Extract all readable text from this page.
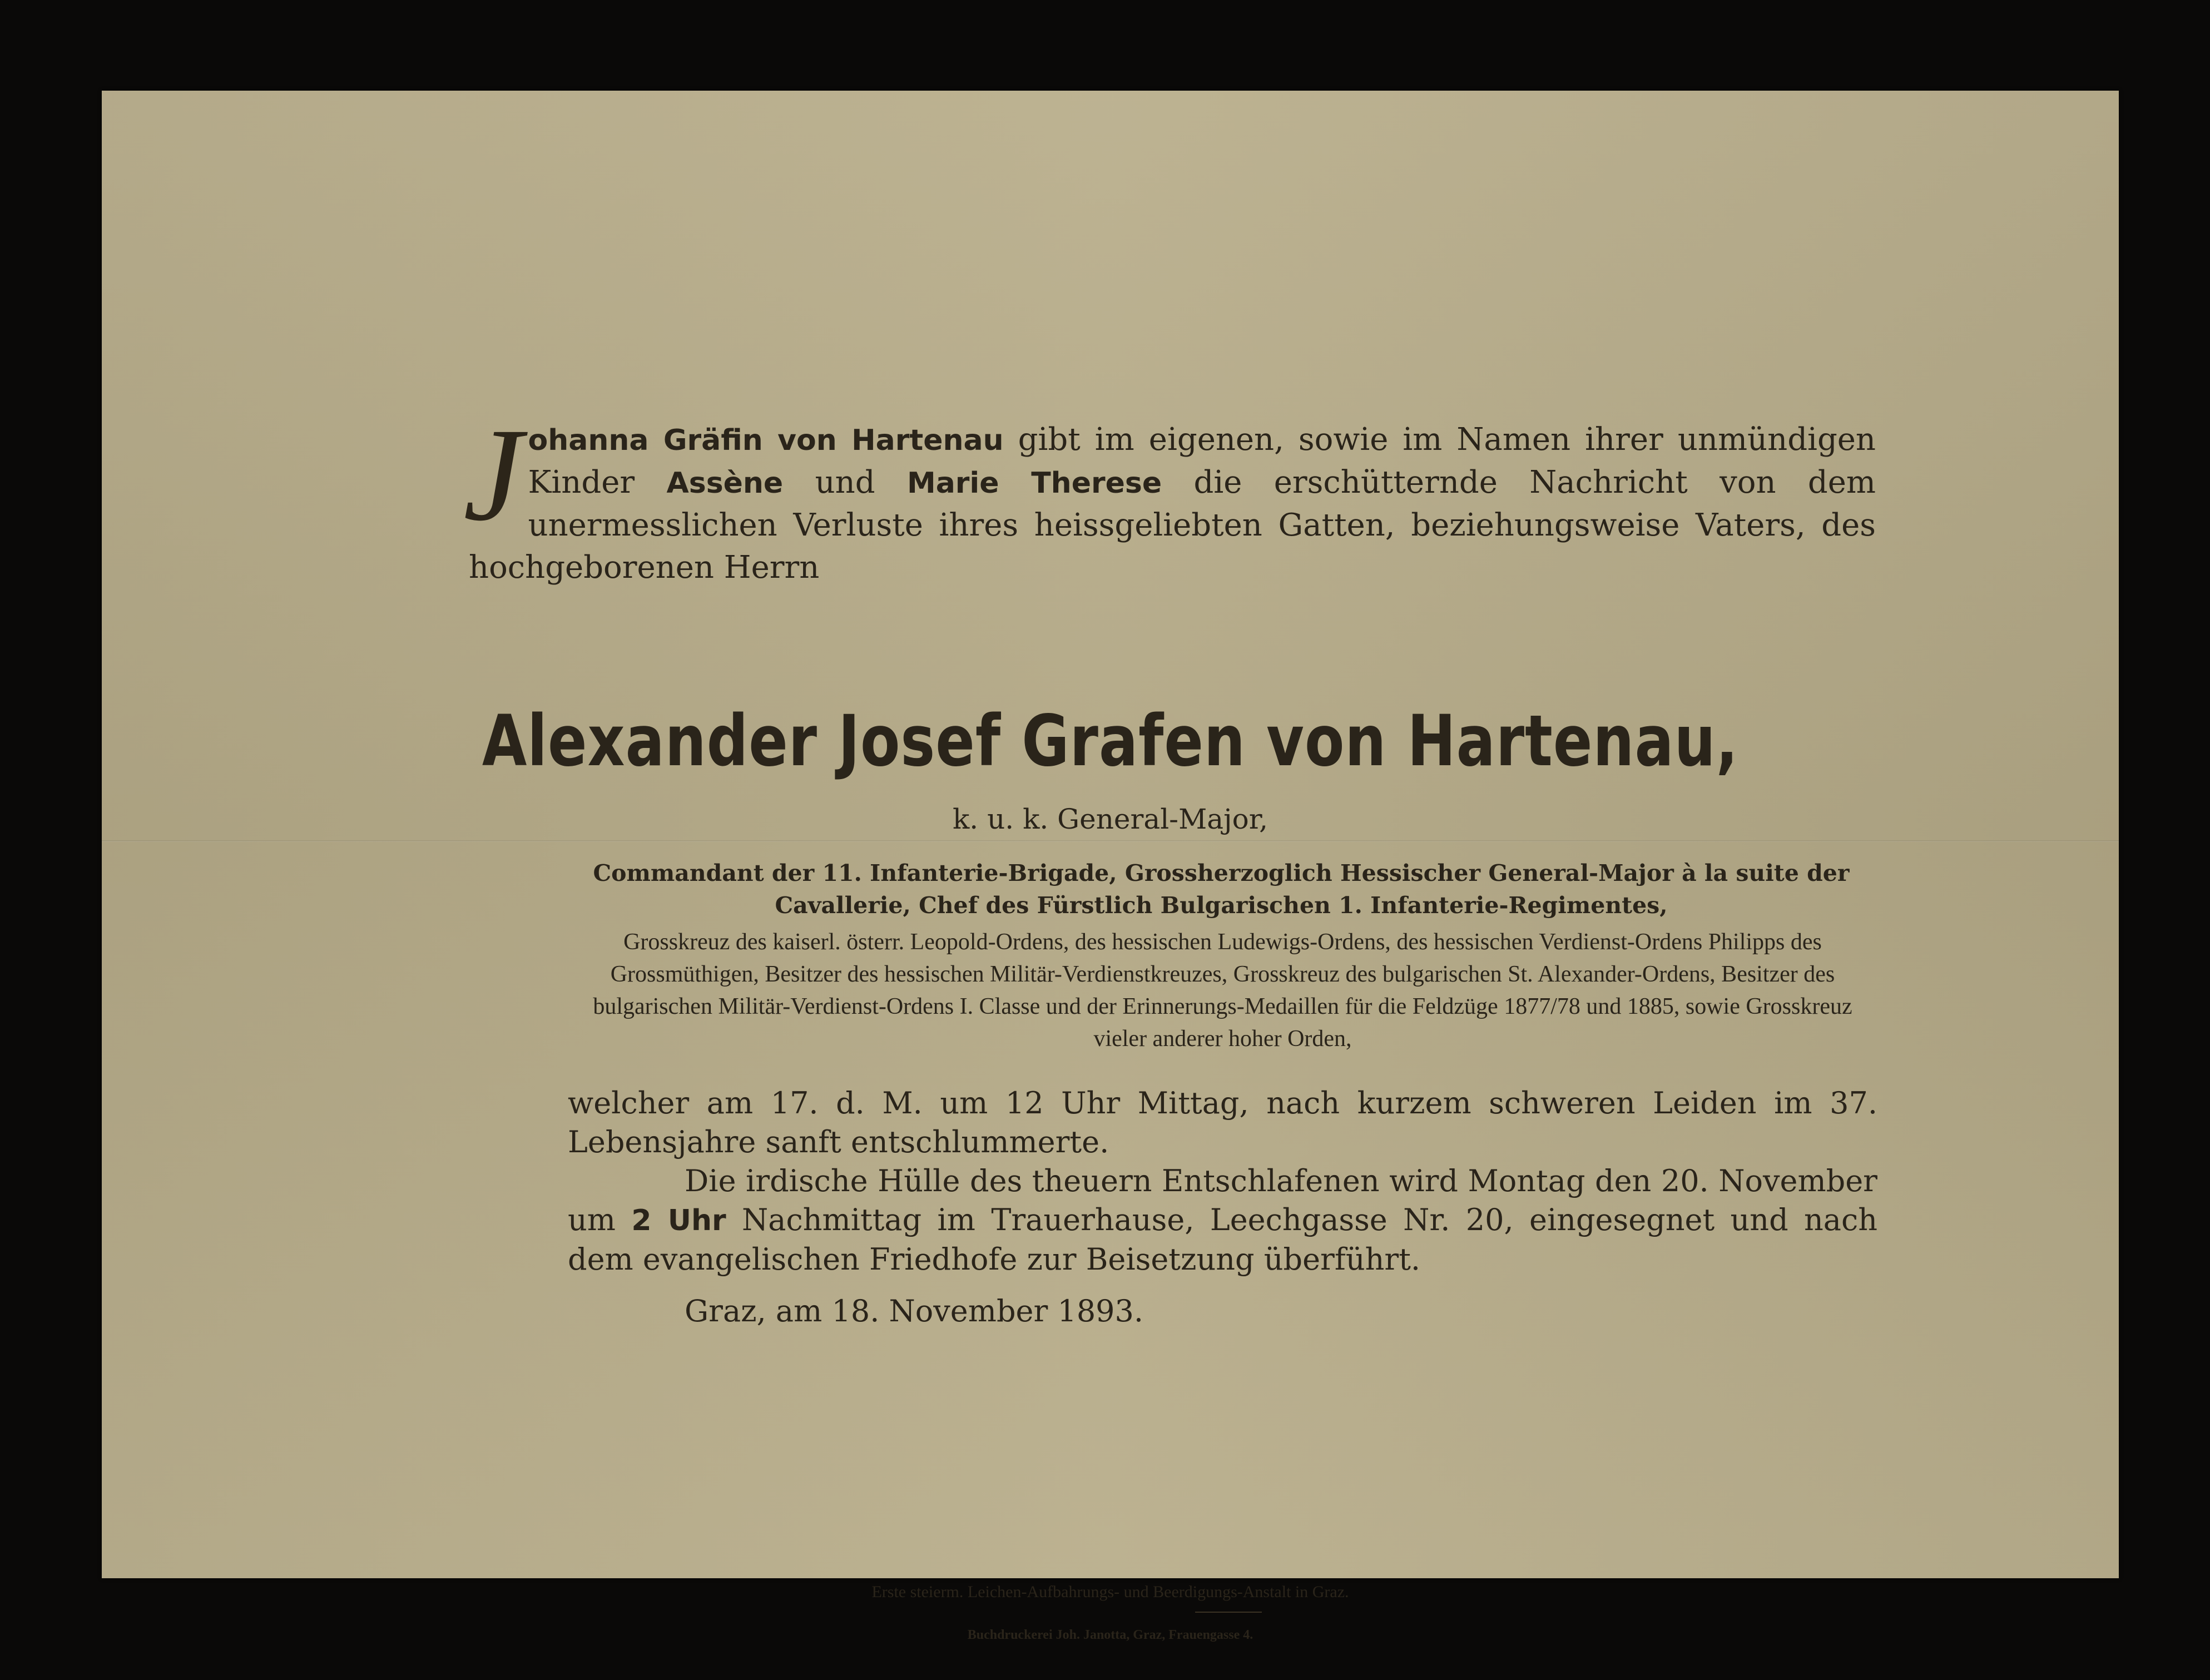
Johanna Gräfin von Hartenau gibt im eigenen, sowie im Namen ihrer unmündigen Kinder Assène und Marie Therese die erschütternde Nachricht von dem unermesslichen Verluste ihres heissgeliebten Gatten, beziehungsweise Vaters, des hochgeborenen Herrn
Alexander Josef Grafen von Hartenau,
k. u. k. General-Major,
Commandant der 11. Infanterie-Brigade, Grossherzoglich Hessischer General-Major à la suite der Cavallerie, Chef des Fürstlich Bulgarischen 1. Infanterie-Regimentes,
Grosskreuz des kaiserl. österr. Leopold-Ordens, des hessischen Ludewigs-Ordens, des hessischen Verdienst-Ordens Philipps des Grossmüthigen, Besitzer des hessischen Militär-Verdienstkreuzes, Grosskreuz des bulgarischen St. Alexander-Ordens, Besitzer des bulgarischen Militär-Verdienst-Ordens I. Classe und der Erinnerungs-Medaillen für die Feldzüge 1877/78 und 1885, sowie Grosskreuz vieler anderer hoher Orden,

welcher am 17. d. M. um 12 Uhr Mittag, nach kurzem schweren Leiden im 37. Lebensjahre sanft entschlummerte.

Die irdische Hülle des theuern Entschlafenen wird Montag den 20. November um 2 Uhr Nachmittag im Trauerhause, Leechgasse Nr. 20, eingesegnet und nach dem evangelischen Friedhofe zur Beisetzung überführt.

Graz, am 18. November 1893.
Erste steierm. Leichen-Aufbahrungs- und Beerdigungs-Anstalt in Graz.
Buchdruckerei Joh. Janotta, Graz, Frauengasse 4.
